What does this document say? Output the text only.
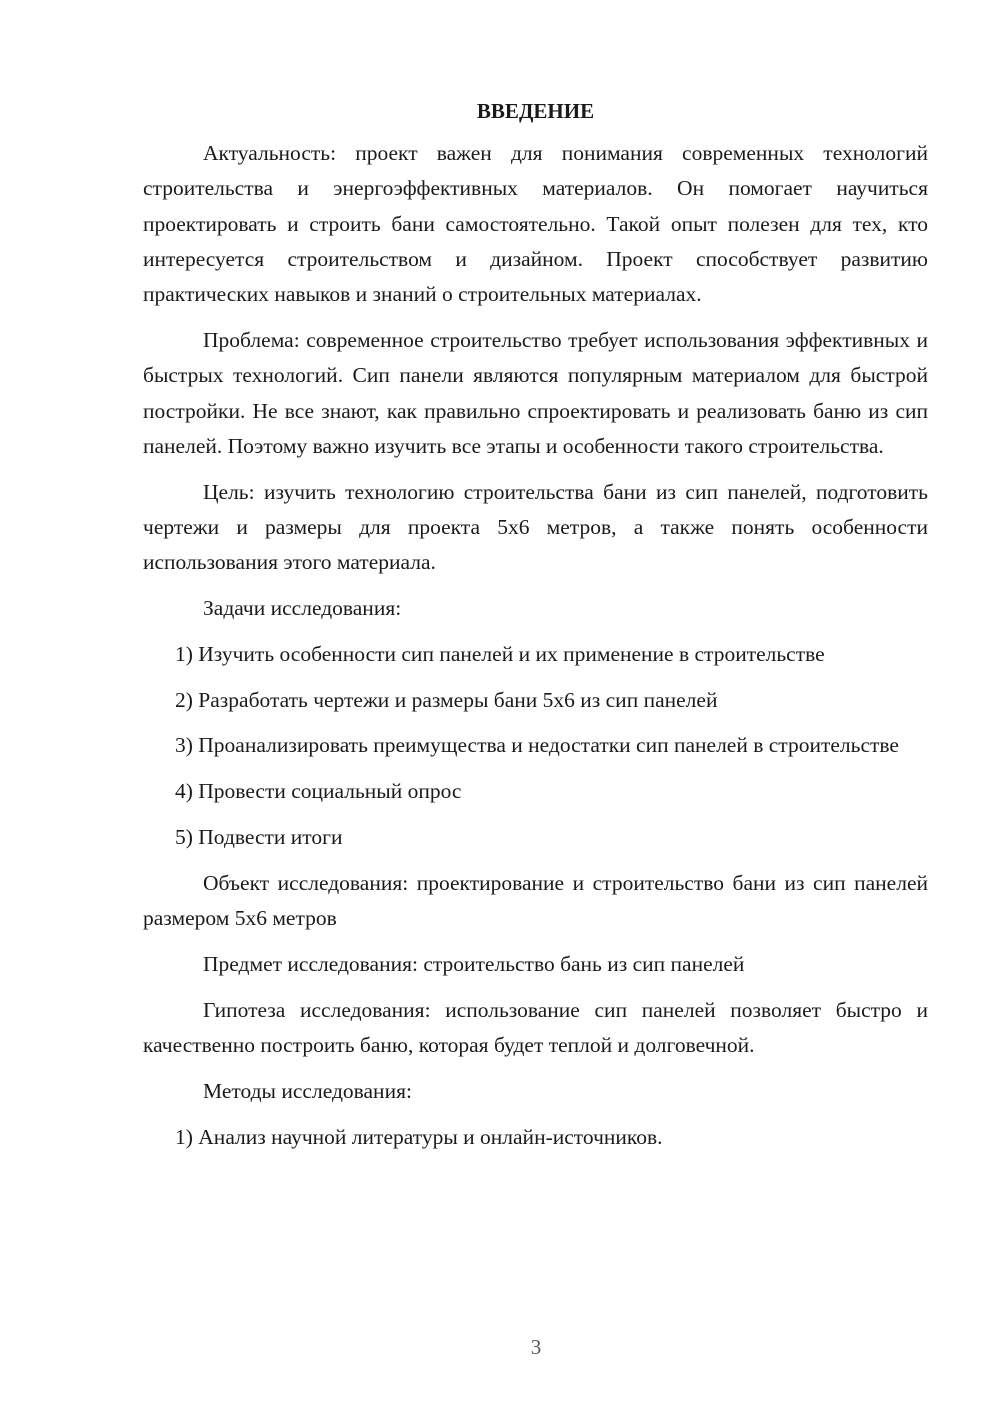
ВВЕДЕНИЕ

Актуальность: проект важен для понимания современных технологий строительства и энергоэффективных материалов. Он помогает научиться проектировать и строить бани самостоятельно. Такой опыт полезен для тех, кто интересуется строительством и дизайном. Проект способствует развитию практических навыков и знаний о строительных материалах.

Проблема: современное строительство требует использования эффективных и быстрых технологий. Сип панели являются популярным материалом для быстрой постройки. Не все знают, как правильно спроектировать и реализовать баню из сип панелей. Поэтому важно изучить все этапы и особенности такого строительства.

Цель: изучить технологию строительства бани из сип панелей, подготовить чертежи и размеры для проекта 5х6 метров, а также понять особенности использования этого материала.

Задачи исследования:

1) Изучить особенности сип панелей и их применение в строительстве

2) Разработать чертежи и размеры бани 5х6 из сип панелей

3) Проанализировать преимущества и недостатки сип панелей в строительстве

4) Провести социальный опрос

5) Подвести итоги

Объект исследования: проектирование и строительство бани из сип панелей размером 5х6 метров

Предмет исследования: строительство бань из сип панелей

Гипотеза исследования: использование сип панелей позволяет быстро и качественно построить баню, которая будет теплой и долговечной.

Методы исследования:

1) Анализ научной литературы и онлайн-источников.

3
